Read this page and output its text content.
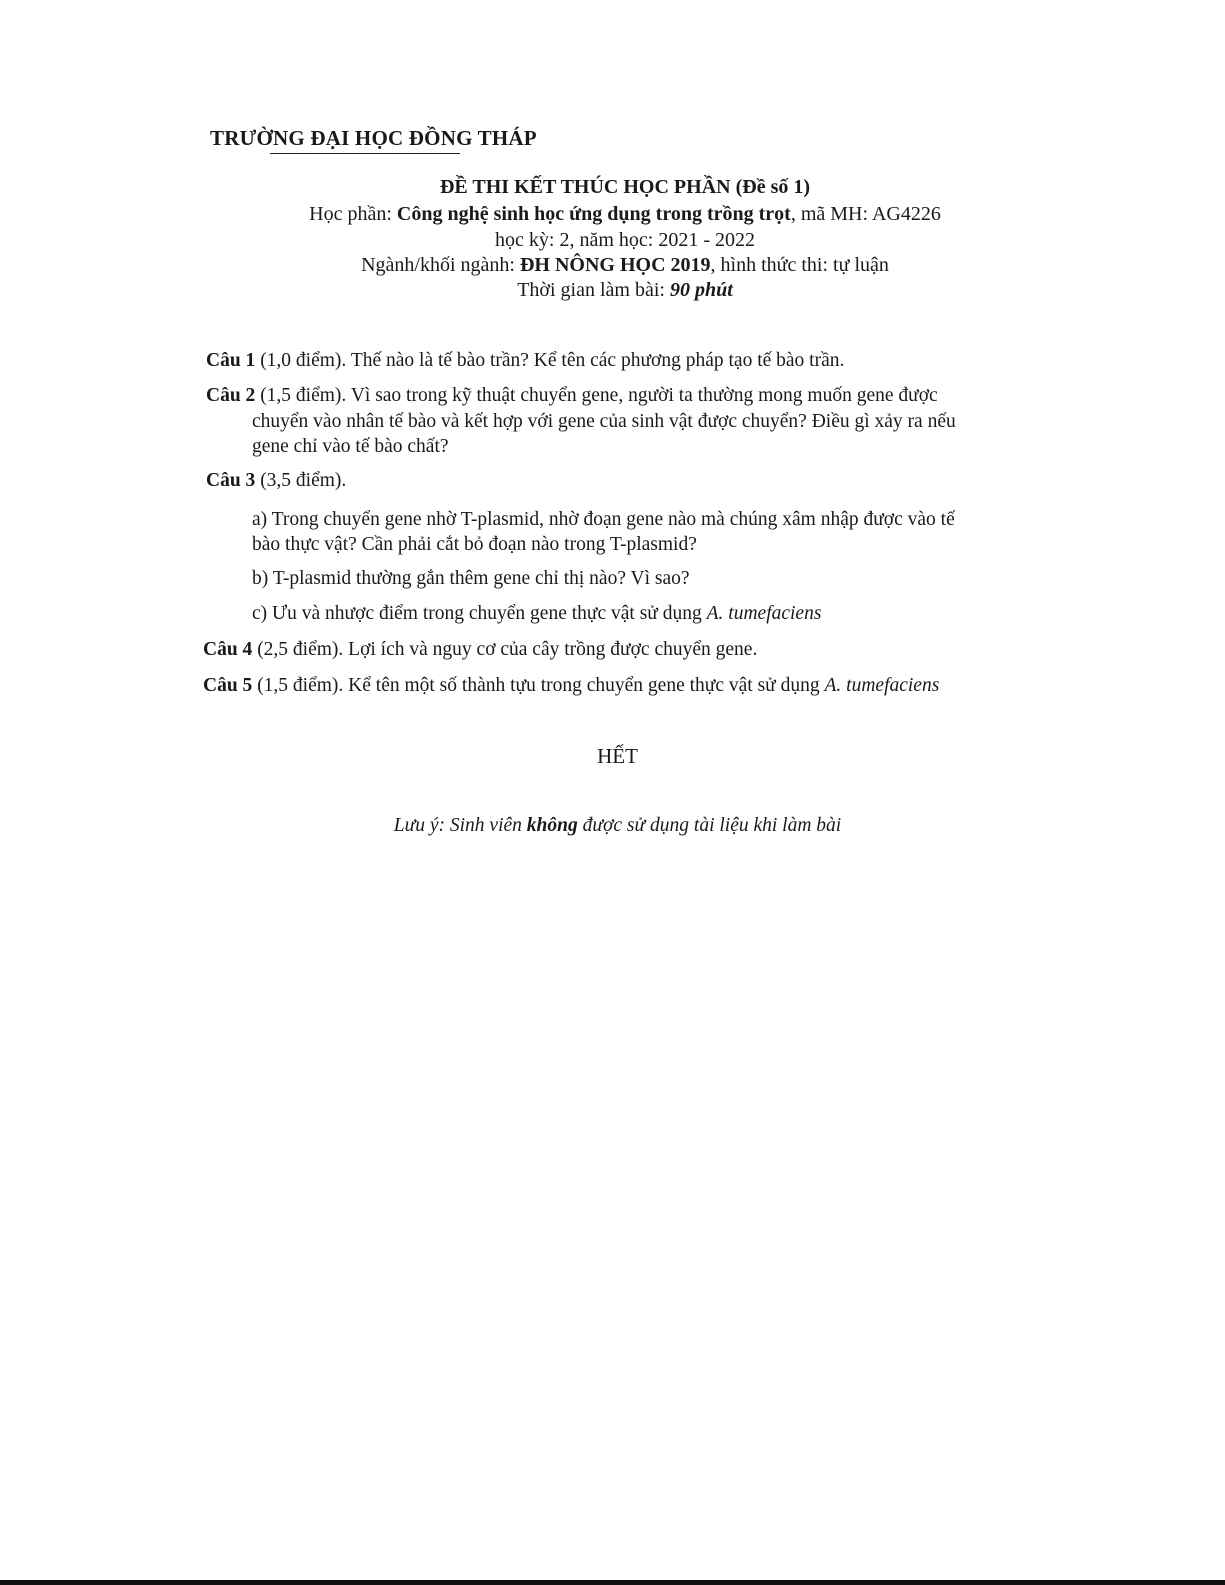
TRƯỜNG ĐẠI HỌC ĐỒNG THÁP
ĐỀ THI KẾT THÚC HỌC PHẦN (Đề số 1)
Học phần: Công nghệ sinh học ứng dụng trong trồng trọt, mã MH: AG4226
học kỳ: 2, năm học: 2021 - 2022
Ngành/khối ngành: ĐH NÔNG HỌC 2019, hình thức thi: tự luận
Thời gian làm bài: 90 phút
Câu 1 (1,0 điểm). Thế nào là tế bào trần? Kể tên các phương pháp tạo tế bào trần.
Câu 2 (1,5 điểm). Vì sao trong kỹ thuật chuyển gene, người ta thường mong muốn gene được
chuyển vào nhân tế bào và kết hợp với gene của sinh vật được chuyển? Điều gì xảy ra nếu
gene chỉ vào tế bào chất?
Câu 3 (3,5 điểm).
a) Trong chuyển gene nhờ T-plasmid, nhờ đoạn gene nào mà chúng xâm nhập được vào tế
bào thực vật? Cần phải cắt bỏ đoạn nào trong T-plasmid?
b) T-plasmid thường gắn thêm gene chỉ thị nào? Vì sao?
c) Ưu và nhược điểm trong chuyển gene thực vật sử dụng A. tumefaciens
Câu 4 (2,5 điểm). Lợi ích và nguy cơ của cây trồng được chuyển gene.
Câu 5 (1,5 điểm). Kể tên một số thành tựu trong chuyển gene thực vật sử dụng A. tumefaciens
HẾT
Lưu ý: Sinh viên không được sử dụng tài liệu khi làm bài
